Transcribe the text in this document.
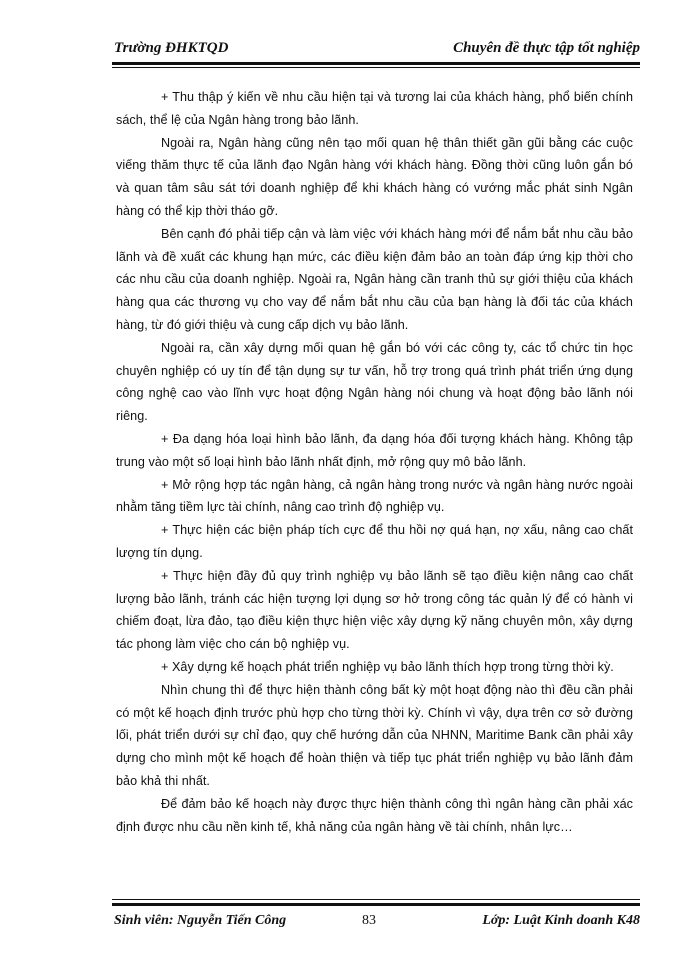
Trường ĐHKTQD	Chuyên đề thực tập tốt nghiệp

+ Thu thập ý kiến về nhu cầu hiện tại và tương lai của khách hàng, phổ biến chính sách, thể lệ của Ngân hàng trong bảo lãnh.

Ngoài ra, Ngân hàng cũng nên tạo mối quan hệ thân thiết gần gũi bằng các cuộc viếng thăm thực tế của lãnh đạo Ngân hàng với khách hàng. Đồng thời cũng luôn gắn bó và quan tâm sâu sát tới doanh nghiệp để khi khách hàng có vướng mắc phát sinh Ngân hàng có thể kịp thời tháo gỡ.

Bên cạnh đó phải tiếp cận và làm việc với khách hàng mới để nắm bắt nhu cầu bảo lãnh và đề xuất các khung hạn mức, các điều kiện đảm bảo an toàn đáp ứng kịp thời cho các nhu cầu của doanh nghiệp. Ngoài ra, Ngân hàng cần tranh thủ sự giới thiệu của khách hàng qua các thương vụ cho vay để nắm bắt nhu cầu của bạn hàng là đối tác của khách hàng, từ đó giới thiệu và cung cấp dịch vụ bảo lãnh.

Ngoài ra, cần xây dựng mối quan hệ gắn bó với các công ty, các tổ chức tin học chuyên nghiệp có uy tín để tận dụng sự tư vấn, hỗ trợ trong quá trình phát triển ứng dụng công nghệ cao vào lĩnh vực hoạt động Ngân hàng nói chung và hoạt động bảo lãnh nói riêng.

+ Đa dạng hóa loại hình bảo lãnh, đa dạng hóa đối tượng khách hàng. Không tập trung vào một số loại hình bảo lãnh nhất định, mở rộng quy mô bảo lãnh.

+ Mở rộng hợp tác ngân hàng, cả ngân hàng trong nước và ngân hàng nước ngoài nhằm tăng tiềm lực tài chính, nâng cao trình độ nghiệp vụ.

+ Thực hiện các biện pháp tích cực để thu hồi nợ quá hạn, nợ xấu, nâng cao chất lượng tín dụng.

+ Thực hiện đầy đủ quy trình nghiệp vụ bảo lãnh sẽ tạo điều kiện nâng cao chất lượng bảo lãnh, tránh các hiện tượng lợi dụng sơ hở trong công tác quản lý để có hành vi chiếm đoạt, lừa đảo, tạo điều kiện thực hiện việc xây dựng kỹ năng chuyên môn, xây dựng tác phong làm việc cho cán bộ nghiệp vụ.

+ Xây dựng kế hoạch phát triển nghiệp vụ bảo lãnh thích hợp trong từng thời kỳ.

Nhìn chung thì để thực hiện thành công bất kỳ một hoạt động nào thì đều cần phải có một kế hoạch định trước phù hợp cho từng thời kỳ. Chính vì vậy, dựa trên cơ sở đường lối, phát triển dưới sự chỉ đạo, quy chế hướng dẫn của NHNN, Maritime Bank cần phải xây dựng cho mình một kế hoạch để hoàn thiện và tiếp tục phát triển nghiệp vụ bảo lãnh đảm bảo khả thi nhất.

Để đảm bảo kế hoạch này được thực hiện thành công thì ngân hàng cần phải xác định được nhu cầu nền kinh tế, khả năng của ngân hàng về tài chính, nhân lực…

Sinh viên: Nguyễn Tiến Công	83	Lớp: Luật Kinh doanh K48
